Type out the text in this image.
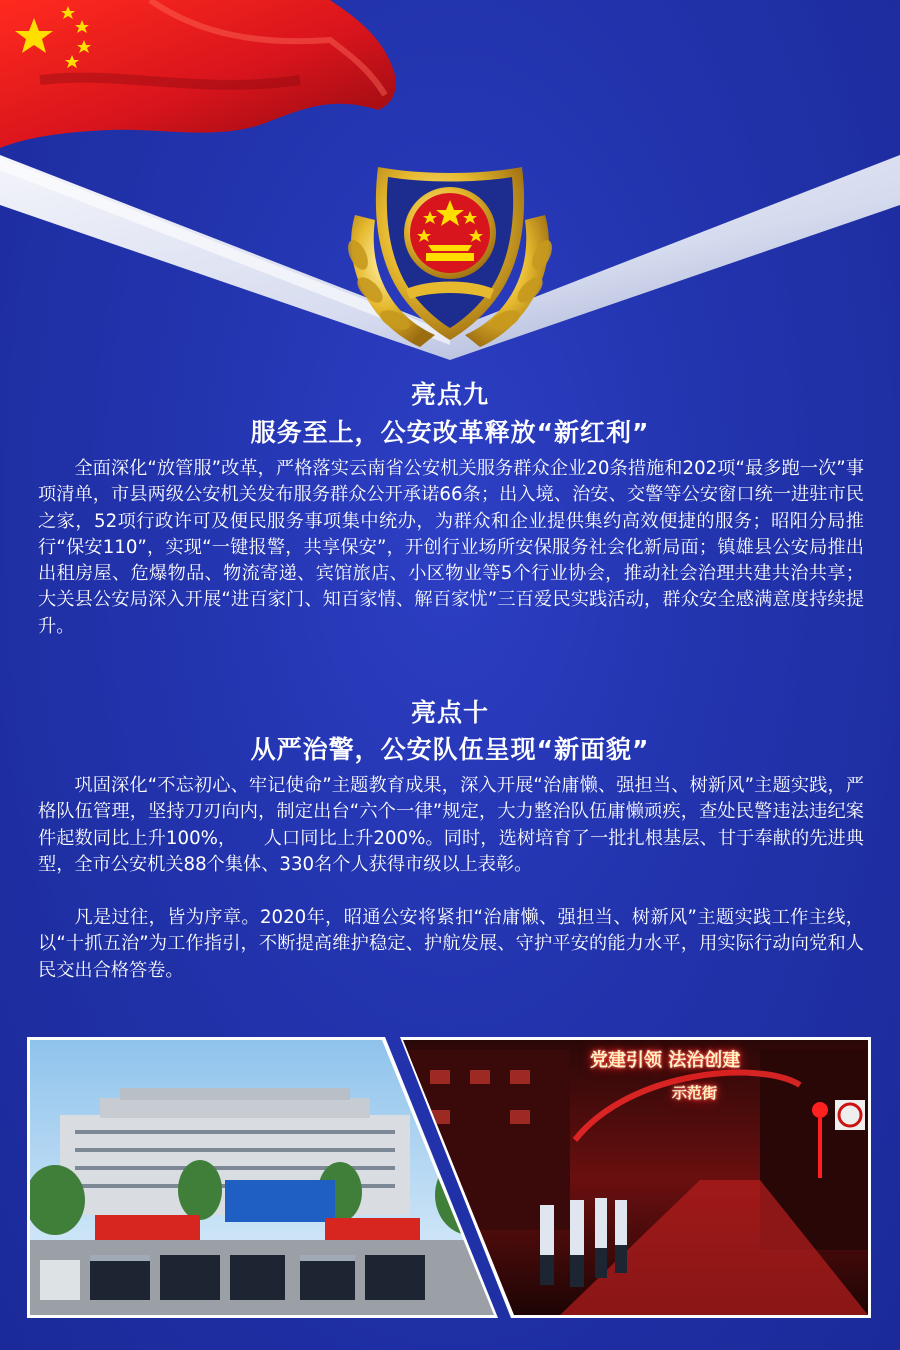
亮点九
服务至上，公安改革释放“新红利”

全面深化“放管服”改革，严格落实云南省公安机关服务群众企业20条措施和202项“最多跑一次”事项清单，市县两级公安机关发布服务群众公开承诺66条；出入境、治安、交警等公安窗口统一进驻市民之家，52项行政许可及便民服务事项集中统办，为群众和企业提供集约高效便捷的服务；昭阳分局推行“保安110”，实现“一键报警，共享保安”，开创行业场所安保服务社会化新局面；镇雄县公安局推出出租房屋、危爆物品、物流寄递、宾馆旅店、小区物业等5个行业协会，推动社会治理共建共治共享；大关县公安局深入开展“进百家门、知百家情、解百家忧”三百爱民实践活动，群众安全感满意度持续提升。

亮点十
从严治警，公安队伍呈现“新面貌”

巩固深化“不忘初心、牢记使命”主题教育成果，深入开展“治庸懒、强担当、树新风”主题实践，严格队伍管理，坚持刀刃向内，制定出台“六个一律”规定，大力整治队伍庸懒顽疾，查处民警违法违纪案件起数同比上升100%，　　人口同比上升200%。同时，选树培育了一批扎根基层、甘于奉献的先进典型，全市公安机关88个集体、330名个人获得市级以上表彰。

凡是过往，皆为序章。2020年，昭通公安将紧扣“治庸懒、强担当、树新风”主题实践工作主线，以“十抓五治”为工作指引，不断提高维护稳定、护航发展、守护平安的能力水平，用实际行动向党和人民交出合格答卷。

党建引领 法治创建
示范街
